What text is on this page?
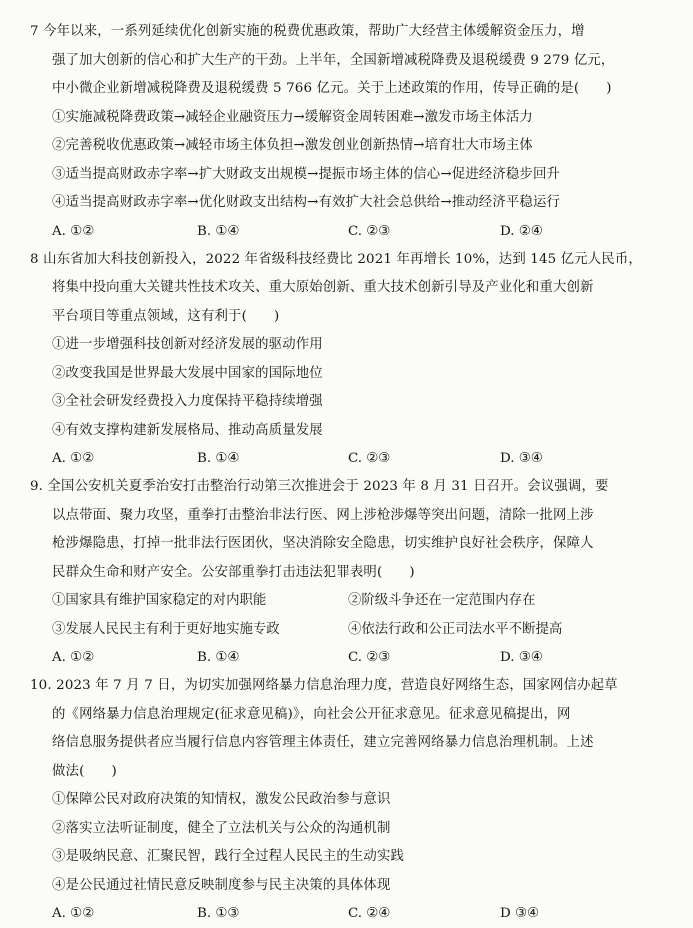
7 今年以来，一系列延续优化创新实施的税费优惠政策，帮助广大经营主体缓解资金压力，增
强了加大创新的信心和扩大生产的干劲。上半年，全国新增减税降费及退税缓费 9 279 亿元，
中小微企业新增减税降费及退税缓费 5 766 亿元。关于上述政策的作用，传导正确的是(　　)
①实施减税降费政策→减轻企业融资压力→缓解资金周转困难→激发市场主体活力
②完善税收优惠政策→减轻市场主体负担→激发创业创新热情→培育壮大市场主体
③适当提高财政赤字率→扩大财政支出规模→提振市场主体的信心→促进经济稳步回升
④适当提高财政赤字率→优化财政支出结构→有效扩大社会总供给→推动经济平稳运行
A. ①②	B. ①④	C. ②③	D. ②④
8 山东省加大科技创新投入，2022 年省级科技经费比 2021 年再增长 10%，达到 145 亿元人民币，
将集中投向重大关键共性技术攻关、重大原始创新、重大技术创新引导及产业化和重大创新
平台项目等重点领域，这有利于(　　)
①进一步增强科技创新对经济发展的驱动作用
②改变我国是世界最大发展中国家的国际地位
③全社会研发经费投入力度保持平稳持续增强
④有效支撑构建新发展格局、推动高质量发展
A. ①②	B. ①④	C. ②③	D. ③④
9. 全国公安机关夏季治安打击整治行动第三次推进会于 2023 年 8 月 31 日召开。会议强调，要
以点带面、聚力攻坚，重拳打击整治非法行医、网上涉枪涉爆等突出问题，清除一批网上涉
枪涉爆隐患，打掉一批非法行医团伙，坚决消除安全隐患，切实维护良好社会秩序，保障人
民群众生命和财产安全。公安部重拳打击违法犯罪表明(　　)
①国家具有维护国家稳定的对内职能	②阶级斗争还在一定范围内存在
③发展人民民主有利于更好地实施专政	④依法行政和公正司法水平不断提高
A. ①②	B. ①④	C. ②③	D. ③④
10. 2023 年 7 月 7 日，为切实加强网络暴力信息治理力度，营造良好网络生态，国家网信办起草
的《网络暴力信息治理规定(征求意见稿)》，向社会公开征求意见。征求意见稿提出，网
络信息服务提供者应当履行信息内容管理主体责任，建立完善网络暴力信息治理机制。上述
做法(　　)
①保障公民对政府决策的知情权，激发公民政治参与意识
②落实立法听证制度，健全了立法机关与公众的沟通机制
③是吸纳民意、汇聚民智，践行全过程人民民主的生动实践
④是公民通过社情民意反映制度参与民主决策的具体体现
A. ①②	B. ①③	C. ②④	D ③④
